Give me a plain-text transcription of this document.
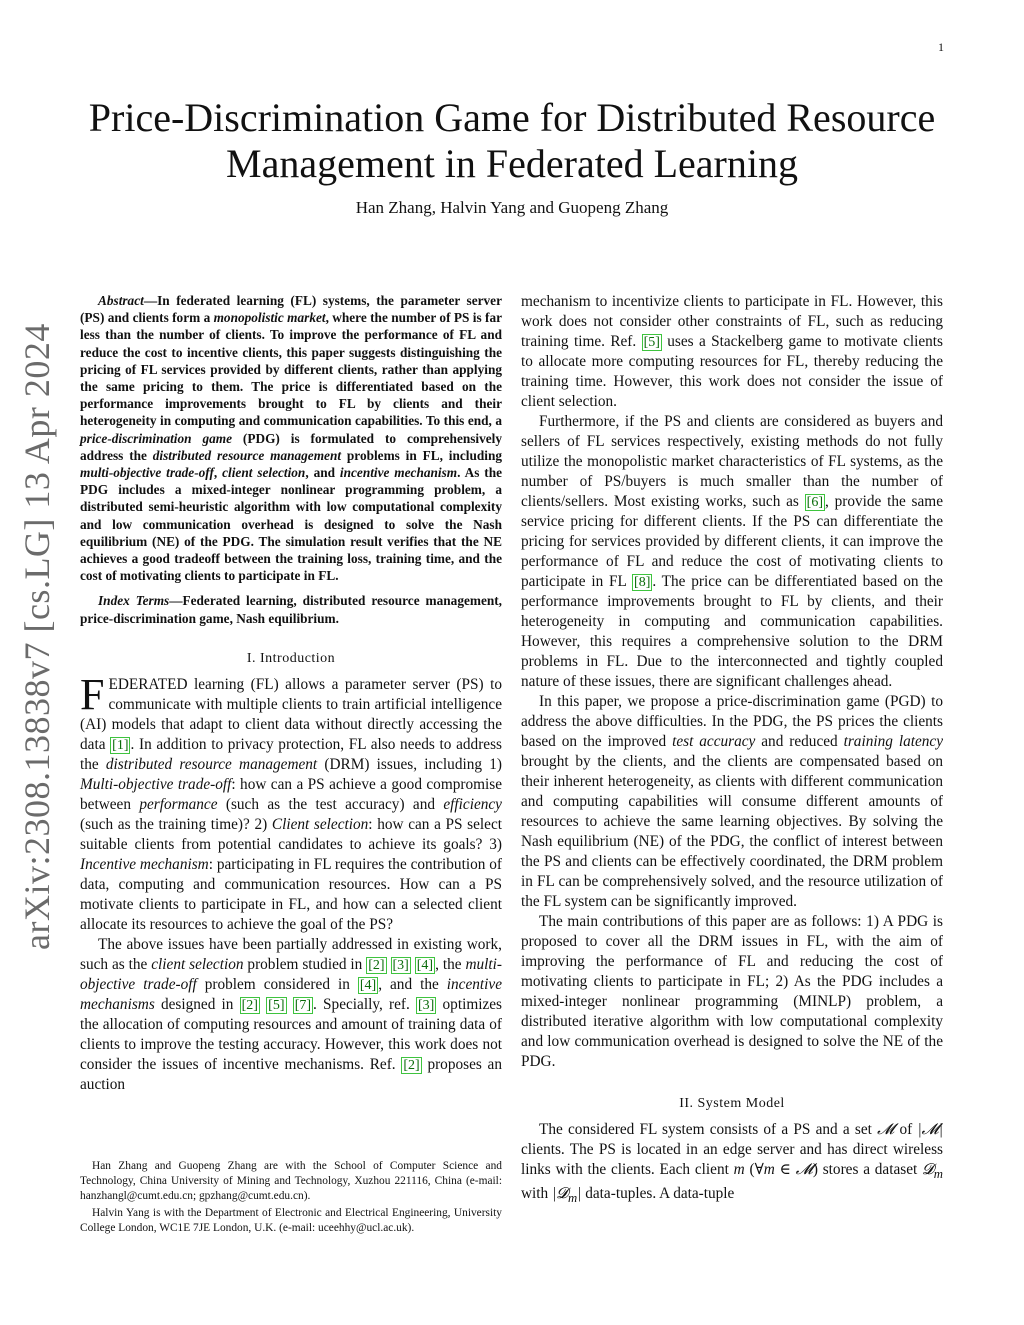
1
arXiv:2308.13838v7 [cs.LG] 13 Apr 2024
Price-Discrimination Game for Distributed Resource Management in Federated Learning
Han Zhang, Halvin Yang and Guopeng Zhang

Abstract—In federated learning (FL) systems, the parameter server (PS) and clients form a monopolistic market, where the number of PS is far less than the number of clients. To improve the performance of FL and reduce the cost to incentive clients, this paper suggests distinguishing the pricing of FL services provided by different clients, rather than applying the same pricing to them. The price is differentiated based on the performance improvements brought to FL by clients and their heterogeneity in computing and communication capabilities. To this end, a price-discrimination game (PDG) is formulated to comprehensively address the distributed resource management problems in FL, including multi-objective trade-off, client selection, and incentive mechanism. As the PDG includes a mixed-integer nonlinear programming problem, a distributed semi-heuristic algorithm with low computational complexity and low communication overhead is designed to solve the Nash equilibrium (NE) of the PDG. The simulation result verifies that the NE achieves a good tradeoff between the training loss, training time, and the cost of motivating clients to participate in FL.

Index Terms—Federated learning, distributed resource management, price-discrimination game, Nash equilibrium.

I. Introduction

FEDERATED learning (FL) allows a parameter server (PS) to communicate with multiple clients to train artificial intelligence (AI) models that adapt to client data without directly accessing the data [1] . In addition to privacy protection, FL also needs to address the distributed resource management (DRM) issues, including 1) Multi-objective trade-off: how can a PS achieve a good compromise between performance (such as the test accuracy) and efficiency (such as the training time)? 2) Client selection: how can a PS select suitable clients from potential candidates to achieve its goals? 3) Incentive mechanism: participating in FL requires the contribution of data, computing and communication resources. How can a PS motivate clients to participate in FL, and how can a selected client allocate its resources to achieve the goal of the PS?

The above issues have been partially addressed in existing work, such as the client selection problem studied in [2] [3] [4] , the multi-objective trade-off problem considered in [4] , and the incentive mechanisms designed in [2] [5] [7] . Specially, ref. [3] optimizes the allocation of computing resources and amount of training data of clients to improve the testing accuracy. However, this work does not consider the issues of incentive mechanisms. Ref. [2] proposes an auction

Han Zhang and Guopeng Zhang are with the School of Computer Science and Technology, China University of Mining and Technology, Xuzhou 221116, China (e-mail: hanzhangl@cumt.edu.cn; gpzhang@cumt.edu.cn).

Halvin Yang is with the Department of Electronic and Electrical Engineering, University College London, WC1E 7JE London, U.K. (e-mail: uceehhy@ucl.ac.uk).

mechanism to incentivize clients to participate in FL. However, this work does not consider other constraints of FL, such as reducing training time. Ref. [5] uses a Stackelberg game to motivate clients to allocate more computing resources for FL, thereby reducing the training time. However, this work does not consider the issue of client selection.

Furthermore, if the PS and clients are considered as buyers and sellers of FL services respectively, existing methods do not fully utilize the monopolistic market characteristics of FL systems, as the number of PS/buyers is much smaller than the number of clients/sellers. Most existing works, such as [6] , provide the same service pricing for different clients. If the PS can differentiate the pricing for services provided by different clients, it can improve the performance of FL and reduce the cost of motivating clients to participate in FL [8] . The price can be differentiated based on the performance improvements brought to FL by clients, and their heterogeneity in computing and communication capabilities. However, this requires a comprehensive solution to the DRM problems in FL. Due to the interconnected and tightly coupled nature of these issues, there are significant challenges ahead.

In this paper, we propose a price-discrimination game (PGD) to address the above difficulties. In the PDG, the PS prices the clients based on the improved test accuracy and reduced training latency brought by the clients, and the clients are compensated based on their inherent heterogeneity, as clients with different communication and computing capabilities will consume different amounts of resources to achieve the same learning objectives. By solving the Nash equilibrium (NE) of the PDG, the conflict of interest between the PS and clients can be effectively coordinated, the DRM problem in FL can be comprehensively solved, and the resource utilization of the FL system can be significantly improved.

The main contributions of this paper are as follows: 1) A PDG is proposed to cover all the DRM issues in FL, with the aim of improving the performance of FL and reducing the cost of motivating clients to participate in FL; 2) As the PDG includes a mixed-integer nonlinear programming (MINLP) problem, a distributed iterative algorithm with low computational complexity and low communication overhead is designed to solve the NE of the PDG.

II. System Model

The considered FL system consists of a PS and a set 𝓜 of |𝓜| clients. The PS is located in an edge server and has direct wireless links with the clients. Each client m (∀m ∈ 𝓜) stores a dataset 𝓓$_m$ with |𝓓$_m$| data-tuples. A data-tuple
